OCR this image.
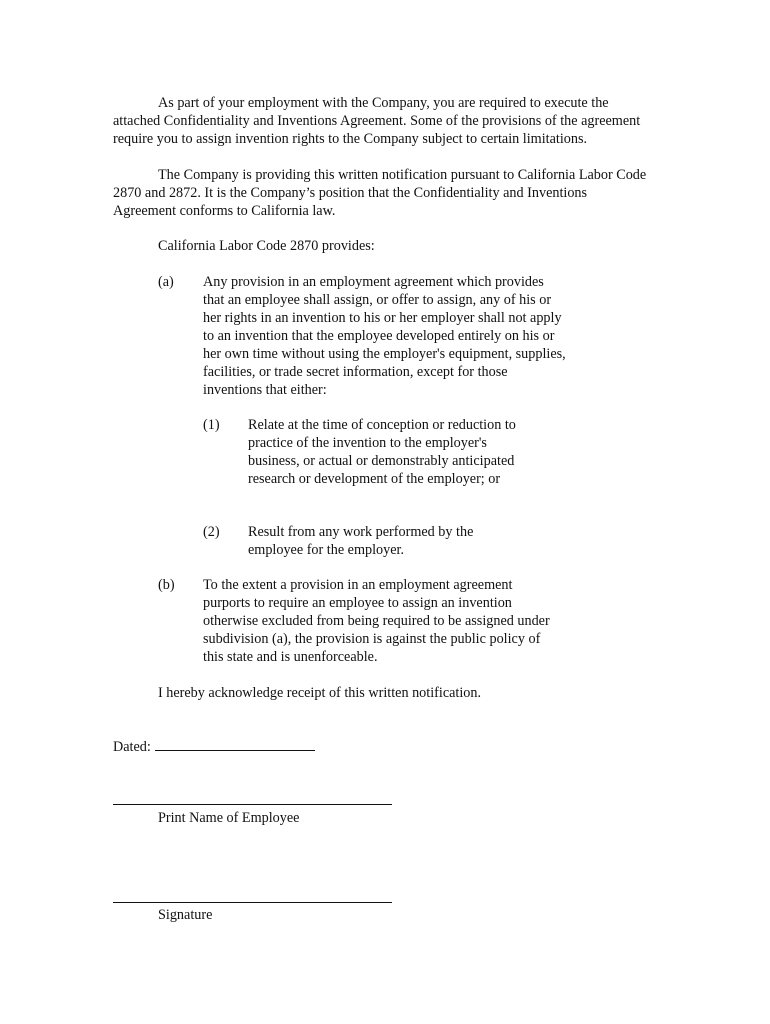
As part of your employment with the Company, you are required to execute the attached Confidentiality and Inventions Agreement. Some of the provisions of the agreement require you to assign invention rights to the Company subject to certain limitations.

The Company is providing this written notification pursuant to California Labor Code 2870 and 2872. It is the Company’s position that the Confidentiality and Inventions Agreement conforms to California law.

California Labor Code 2870 provides:

(a) Any provision in an employment agreement which provides that an employee shall assign, or offer to assign, any of his or her rights in an invention to his or her employer shall not apply to an invention that the employee developed entirely on his or her own time without using the employer's equipment, supplies, facilities, or trade secret information, except for those inventions that either:

(1) Relate at the time of conception or reduction to practice of the invention to the employer's business, or actual or demonstrably anticipated research or development of the employer; or

(2) Result from any work performed by the employee for the employer.

(b) To the extent a provision in an employment agreement purports to require an employee to assign an invention otherwise excluded from being required to be assigned under subdivision (a), the provision is against the public policy of this state and is unenforceable.

I hereby acknowledge receipt of this written notification.

Dated:
Print Name of Employee
Signature
